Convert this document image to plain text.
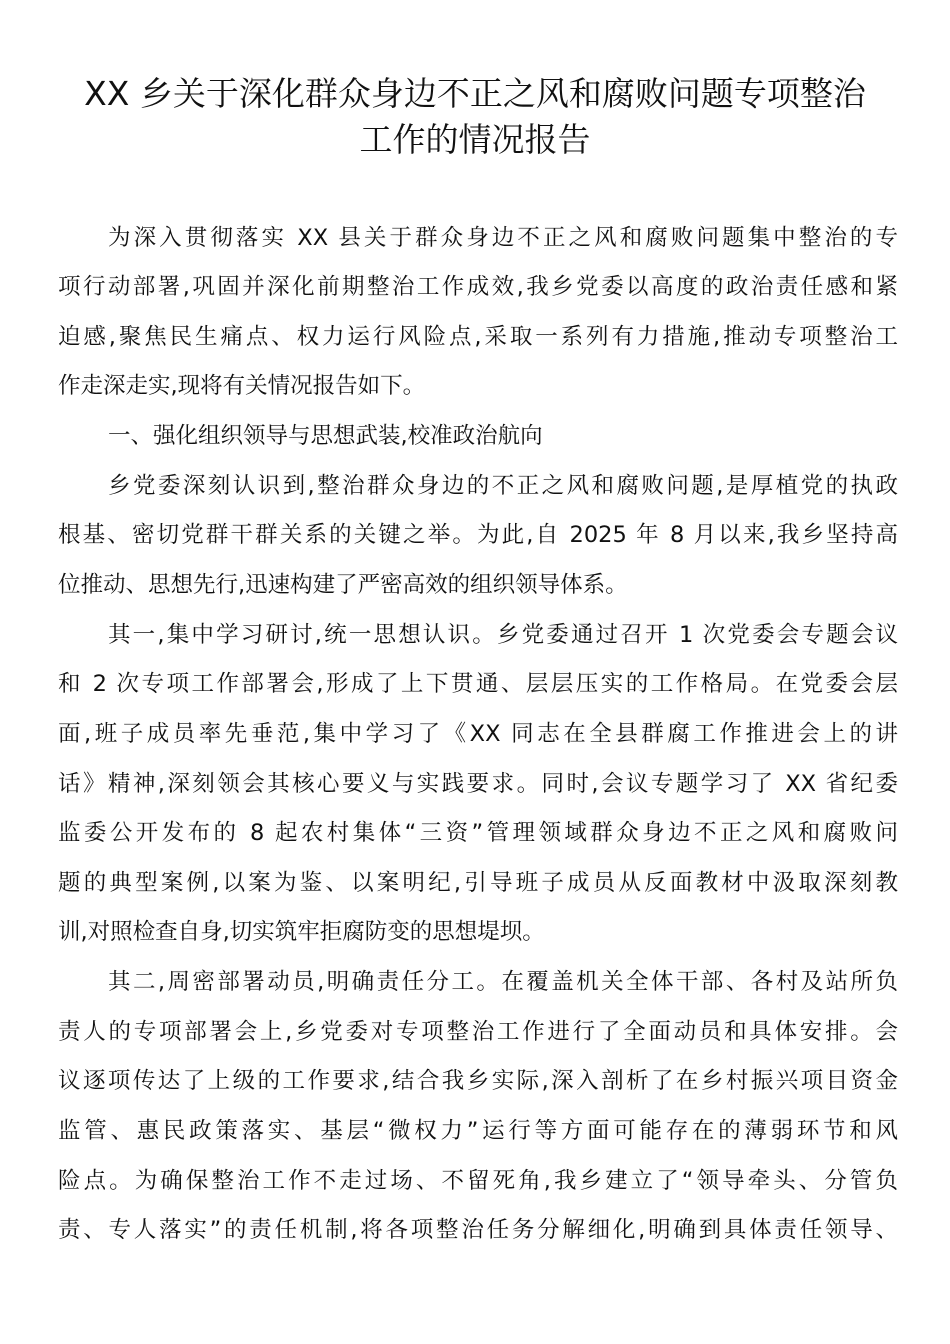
XX 乡关于深化群众身边不正之风和腐败问题专项整治
工作的情况报告

为深入贯彻落实 XX 县关于群众身边不正之风和腐败问题集中整治的专

项行动部署,巩固并深化前期整治工作成效,我乡党委以高度的政治责任感和紧

迫感,聚焦民生痛点、权力运行风险点,采取一系列有力措施,推动专项整治工

作走深走实,现将有关情况报告如下。

一、强化组织领导与思想武装,校准政治航向

乡党委深刻认识到,整治群众身边的不正之风和腐败问题,是厚植党的执政

根基、密切党群干群关系的关键之举。为此,自 2025 年 8 月以来,我乡坚持高

位推动、思想先行,迅速构建了严密高效的组织领导体系。

其一,集中学习研讨,统一思想认识。乡党委通过召开 1 次党委会专题会议

和 2 次专项工作部署会,形成了上下贯通、层层压实的工作格局。在党委会层

面,班子成员率先垂范,集中学习了《XX 同志在全县群腐工作推进会上的讲

话》精神,深刻领会其核心要义与实践要求。同时,会议专题学习了 XX 省纪委

监委公开发布的 8 起农村集体“三资”管理领域群众身边不正之风和腐败问

题的典型案例,以案为鉴、以案明纪,引导班子成员从反面教材中汲取深刻教

训,对照检查自身,切实筑牢拒腐防变的思想堤坝。

其二,周密部署动员,明确责任分工。在覆盖机关全体干部、各村及站所负

责人的专项部署会上,乡党委对专项整治工作进行了全面动员和具体安排。会

议逐项传达了上级的工作要求,结合我乡实际,深入剖析了在乡村振兴项目资金

监管、惠民政策落实、基层“微权力”运行等方面可能存在的薄弱环节和风

险点。为确保整治工作不走过场、不留死角,我乡建立了“领导牵头、分管负

责、专人落实”的责任机制,将各项整治任务分解细化,明确到具体责任领导、
